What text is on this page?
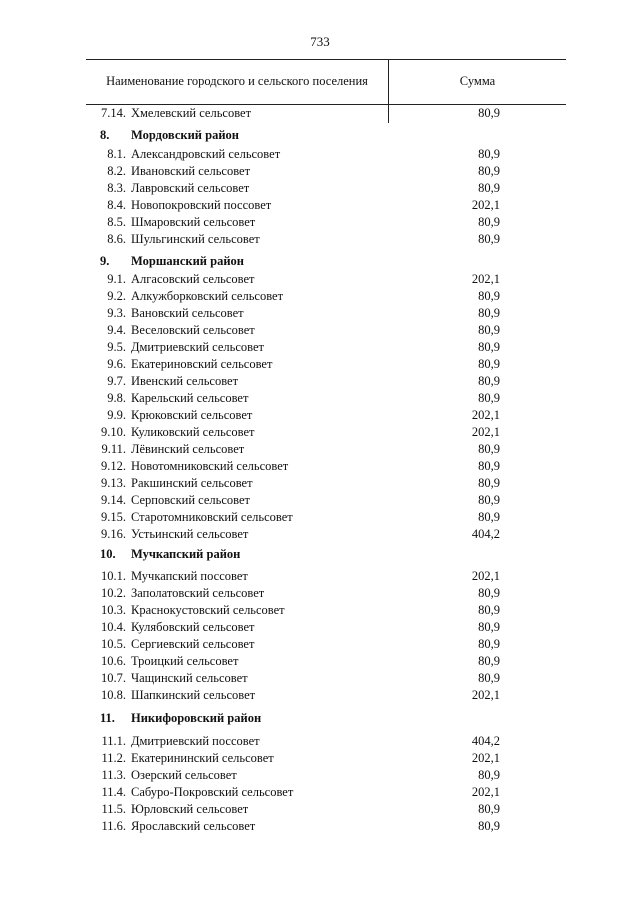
733
Наименование городского и сельского поселения	Сумма
7.14. Хмелевский сельсовет	80,9
8. Мордовский район
8.1. Александровский сельсовет	80,9
8.2. Ивановский сельсовет	80,9
8.3. Лавровский сельсовет	80,9
8.4. Новопокровский поссовет	202,1
8.5. Шмаровский сельсовет	80,9
8.6. Шульгинский сельсовет	80,9
9. Моршанский район
9.1. Алгасовский сельсовет	202,1
9.2. Алкужборковский сельсовет	80,9
9.3. Вановский сельсовет	80,9
9.4. Веселовский сельсовет	80,9
9.5. Дмитриевский сельсовет	80,9
9.6. Екатериновский сельсовет	80,9
9.7. Ивенский сельсовет	80,9
9.8. Карельский сельсовет	80,9
9.9. Крюковский сельсовет	202,1
9.10. Куликовский сельсовет	202,1
9.11. Лёвинский сельсовет	80,9
9.12. Новотомниковский сельсовет	80,9
9.13. Ракшинский сельсовет	80,9
9.14. Серповский сельсовет	80,9
9.15. Старотомниковский сельсовет	80,9
9.16. Устьинский сельсовет	404,2
10. Мучкапский район
10.1. Мучкапский поссовет	202,1
10.2. Заполатовский сельсовет	80,9
10.3. Краснокустовский сельсовет	80,9
10.4. Кулябовский сельсовет	80,9
10.5. Сергиевский сельсовет	80,9
10.6. Троицкий сельсовет	80,9
10.7. Чащинский сельсовет	80,9
10.8. Шапкинский сельсовет	202,1
11. Никифоровский район
11.1. Дмитриевский поссовет	404,2
11.2. Екатерининский сельсовет	202,1
11.3. Озерский сельсовет	80,9
11.4. Сабуро-Покровский сельсовет	202,1
11.5. Юрловский сельсовет	80,9
11.6. Ярославский сельсовет	80,9
